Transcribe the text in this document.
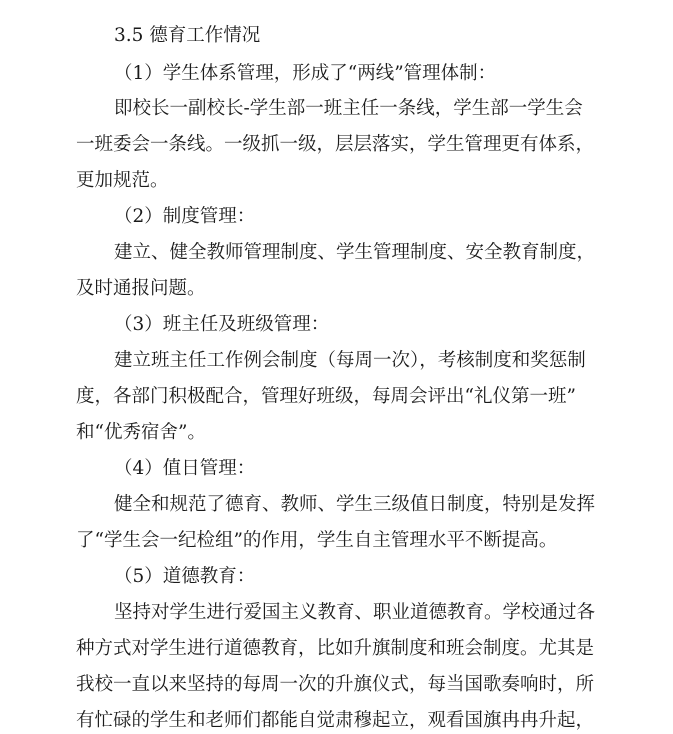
3.5 德育工作情况
（1）学生体系管理，形成了“两线”管理体制：
即校长一副校长-学生部一班主任一条线，学生部一学生会
一班委会一条线。一级抓一级，层层落实，学生管理更有体系，
更加规范。
（2）制度管理：
建立、健全教师管理制度、学生管理制度、安全教育制度，
及时通报问题。
（3）班主任及班级管理：
建立班主任工作例会制度（每周一次），考核制度和奖惩制
度，各部门积极配合，管理好班级，每周会评出“礼仪第一班”
和“优秀宿舍”。
（4）值日管理：
健全和规范了德育、教师、学生三级值日制度，特别是发挥
了“学生会一纪检组”的作用，学生自主管理水平不断提高。
（5）道德教育：
坚持对学生进行爱国主义教育、职业道德教育。学校通过各
种方式对学生进行道德教育，比如升旗制度和班会制度。尤其是
我校一直以来坚持的每周一次的升旗仪式，每当国歌奏响时，所
有忙碌的学生和老师们都能自觉肃穆起立，观看国旗冉冉升起，
